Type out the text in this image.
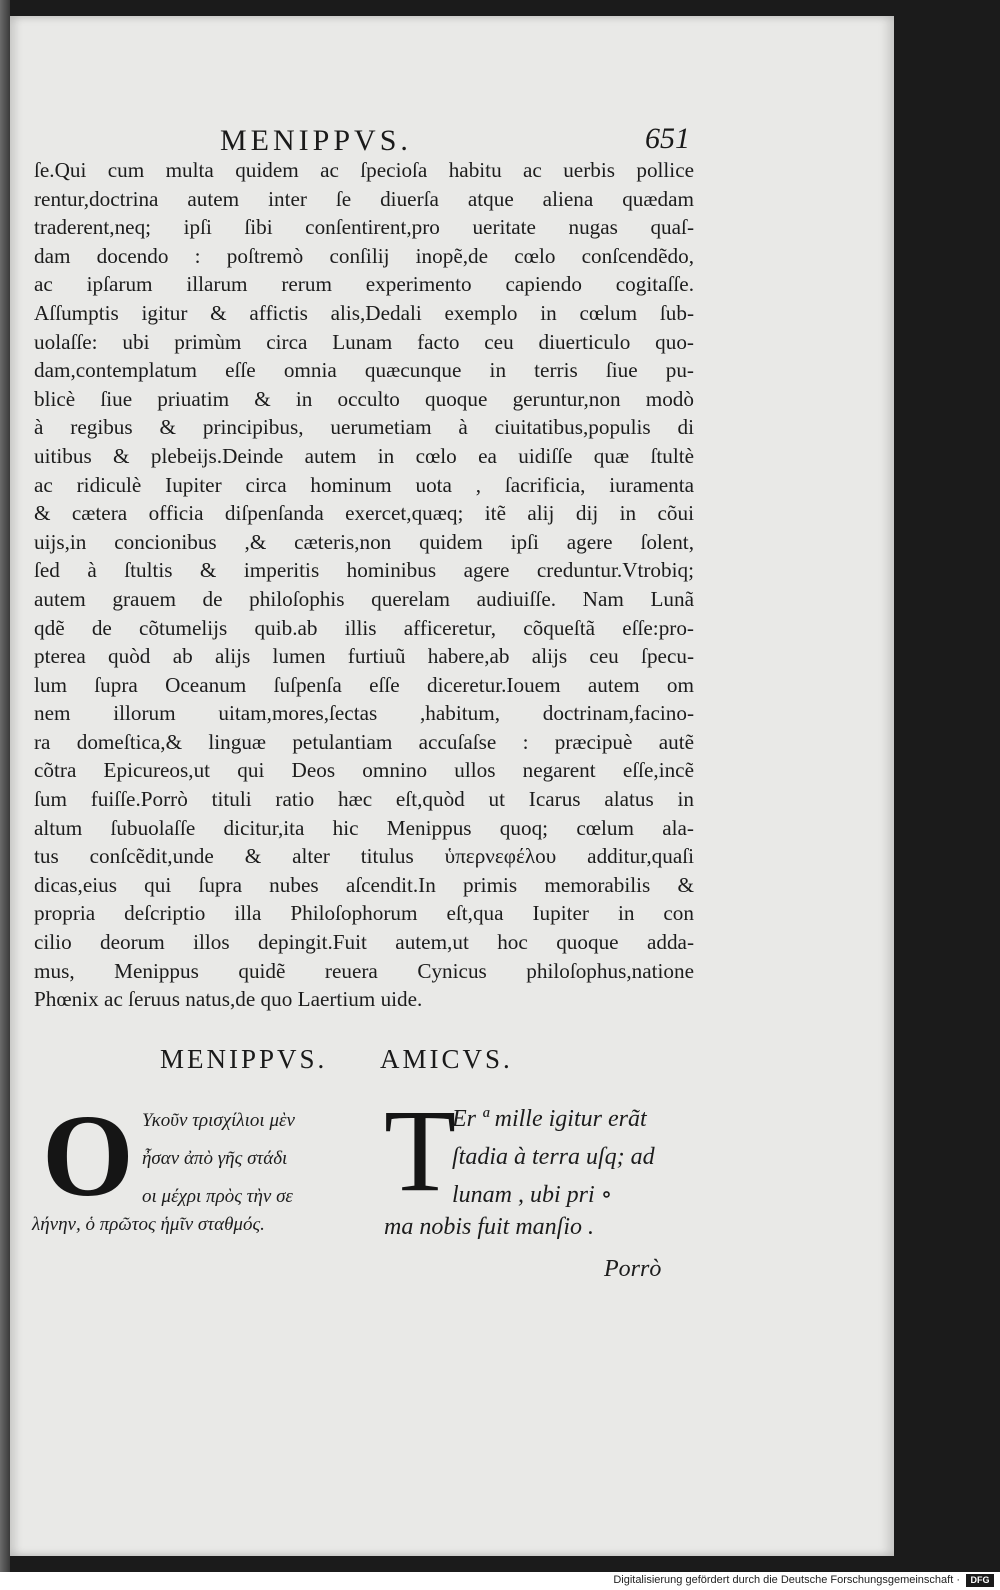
MENIPPVS.	651
ſe.Qui cum multa quidem ac ſpecioſa habitu ac uerbis pollice
rentur,doctrina autem inter ſe diuerſa atque aliena quædam
traderent,neq; ipſi ſibi conſentirent,pro ueritate nugas quaſ-
dam docendo : poſtremò conſilij inopẽ,de cœlo conſcendẽdo,
ac ipſarum illarum rerum experimento capiendo cogitaſſe.
Aſſumptis igitur & affictis alis,Dedali exemplo in cœlum ſub-
uolaſſe: ubi primùm circa Lunam facto ceu diuerticulo quo-
dam,contemplatum eſſe omnia quæcunque in terris ſiue pu-
blicè ſiue priuatim & in occulto quoque geruntur,non modò
à regibus & principibus, uerumetiam à ciuitatibus,populis di
uitibus & plebeijs.Deinde autem in cœlo ea uidiſſe quæ ſtultè
ac ridiculè Iupiter circa hominum uota , ſacrificia, iuramenta
& cætera officia diſpenſanda exercet,quæq; itẽ alij dij in cõui
uijs,in concionibus ,& cæteris,non quidem ipſi agere ſolent,
ſed à ſtultis & imperitis hominibus agere creduntur.Vtrobiq;
autem grauem de philoſophis querelam audiuiſſe. Nam Lunã
qdẽ de cõtumelijs quib.ab illis afficeretur, cõqueſtã eſſe:pro-
pterea quòd ab alijs lumen furtiuũ habere,ab alijs ceu ſpecu-
lum ſupra Oceanum ſuſpenſa eſſe diceretur.Iouem autem om
nem illorum uitam,mores,ſectas ,habitum, doctrinam,facino-
ra domeſtica,& linguæ petulantiam accuſaſse : præcipuè autẽ
cõtra Epicureos,ut qui Deos omnino ullos negarent eſſe,incẽ
ſum fuiſſe.Porrò tituli ratio hæc eſt,quòd ut Icarus alatus in
altum ſubuolaſſe dicitur,ita hic Menippus quoq; cœlum ala-
tus conſcẽdit,unde & alter titulus ὑπερνεφέλου additur,quaſi
dicas,eius qui ſupra nubes aſcendit.In primis memorabilis &
propria deſcriptio illa Philoſophorum eſt,qua Iupiter in con
cilio deorum illos depingit.Fuit autem,ut hoc quoque adda-
mus, Menippus quidẽ reuera Cynicus philoſophus,natione
Phœnix ac ſeruus natus,de quo Laertium uide.
MENIPPVS. AMICVS.
O Υκοῦν τρισχίλιοι μὲν
ἦσαν ἀπὸ γῆς στάδι
οι μέχρι πρὸς τὴν σε
λήνην, ὁ πρῶτος ἡμῖν σταθμός.
T
Er ª mille igitur erãt
ſtadia à terra uſq; ad
lunam , ubi pri ∘
ma nobis fuit manſio .
Porrò
Digitalisierung gefördert durch die Deutsche Forschungsgemeinschaft ·	DFG
